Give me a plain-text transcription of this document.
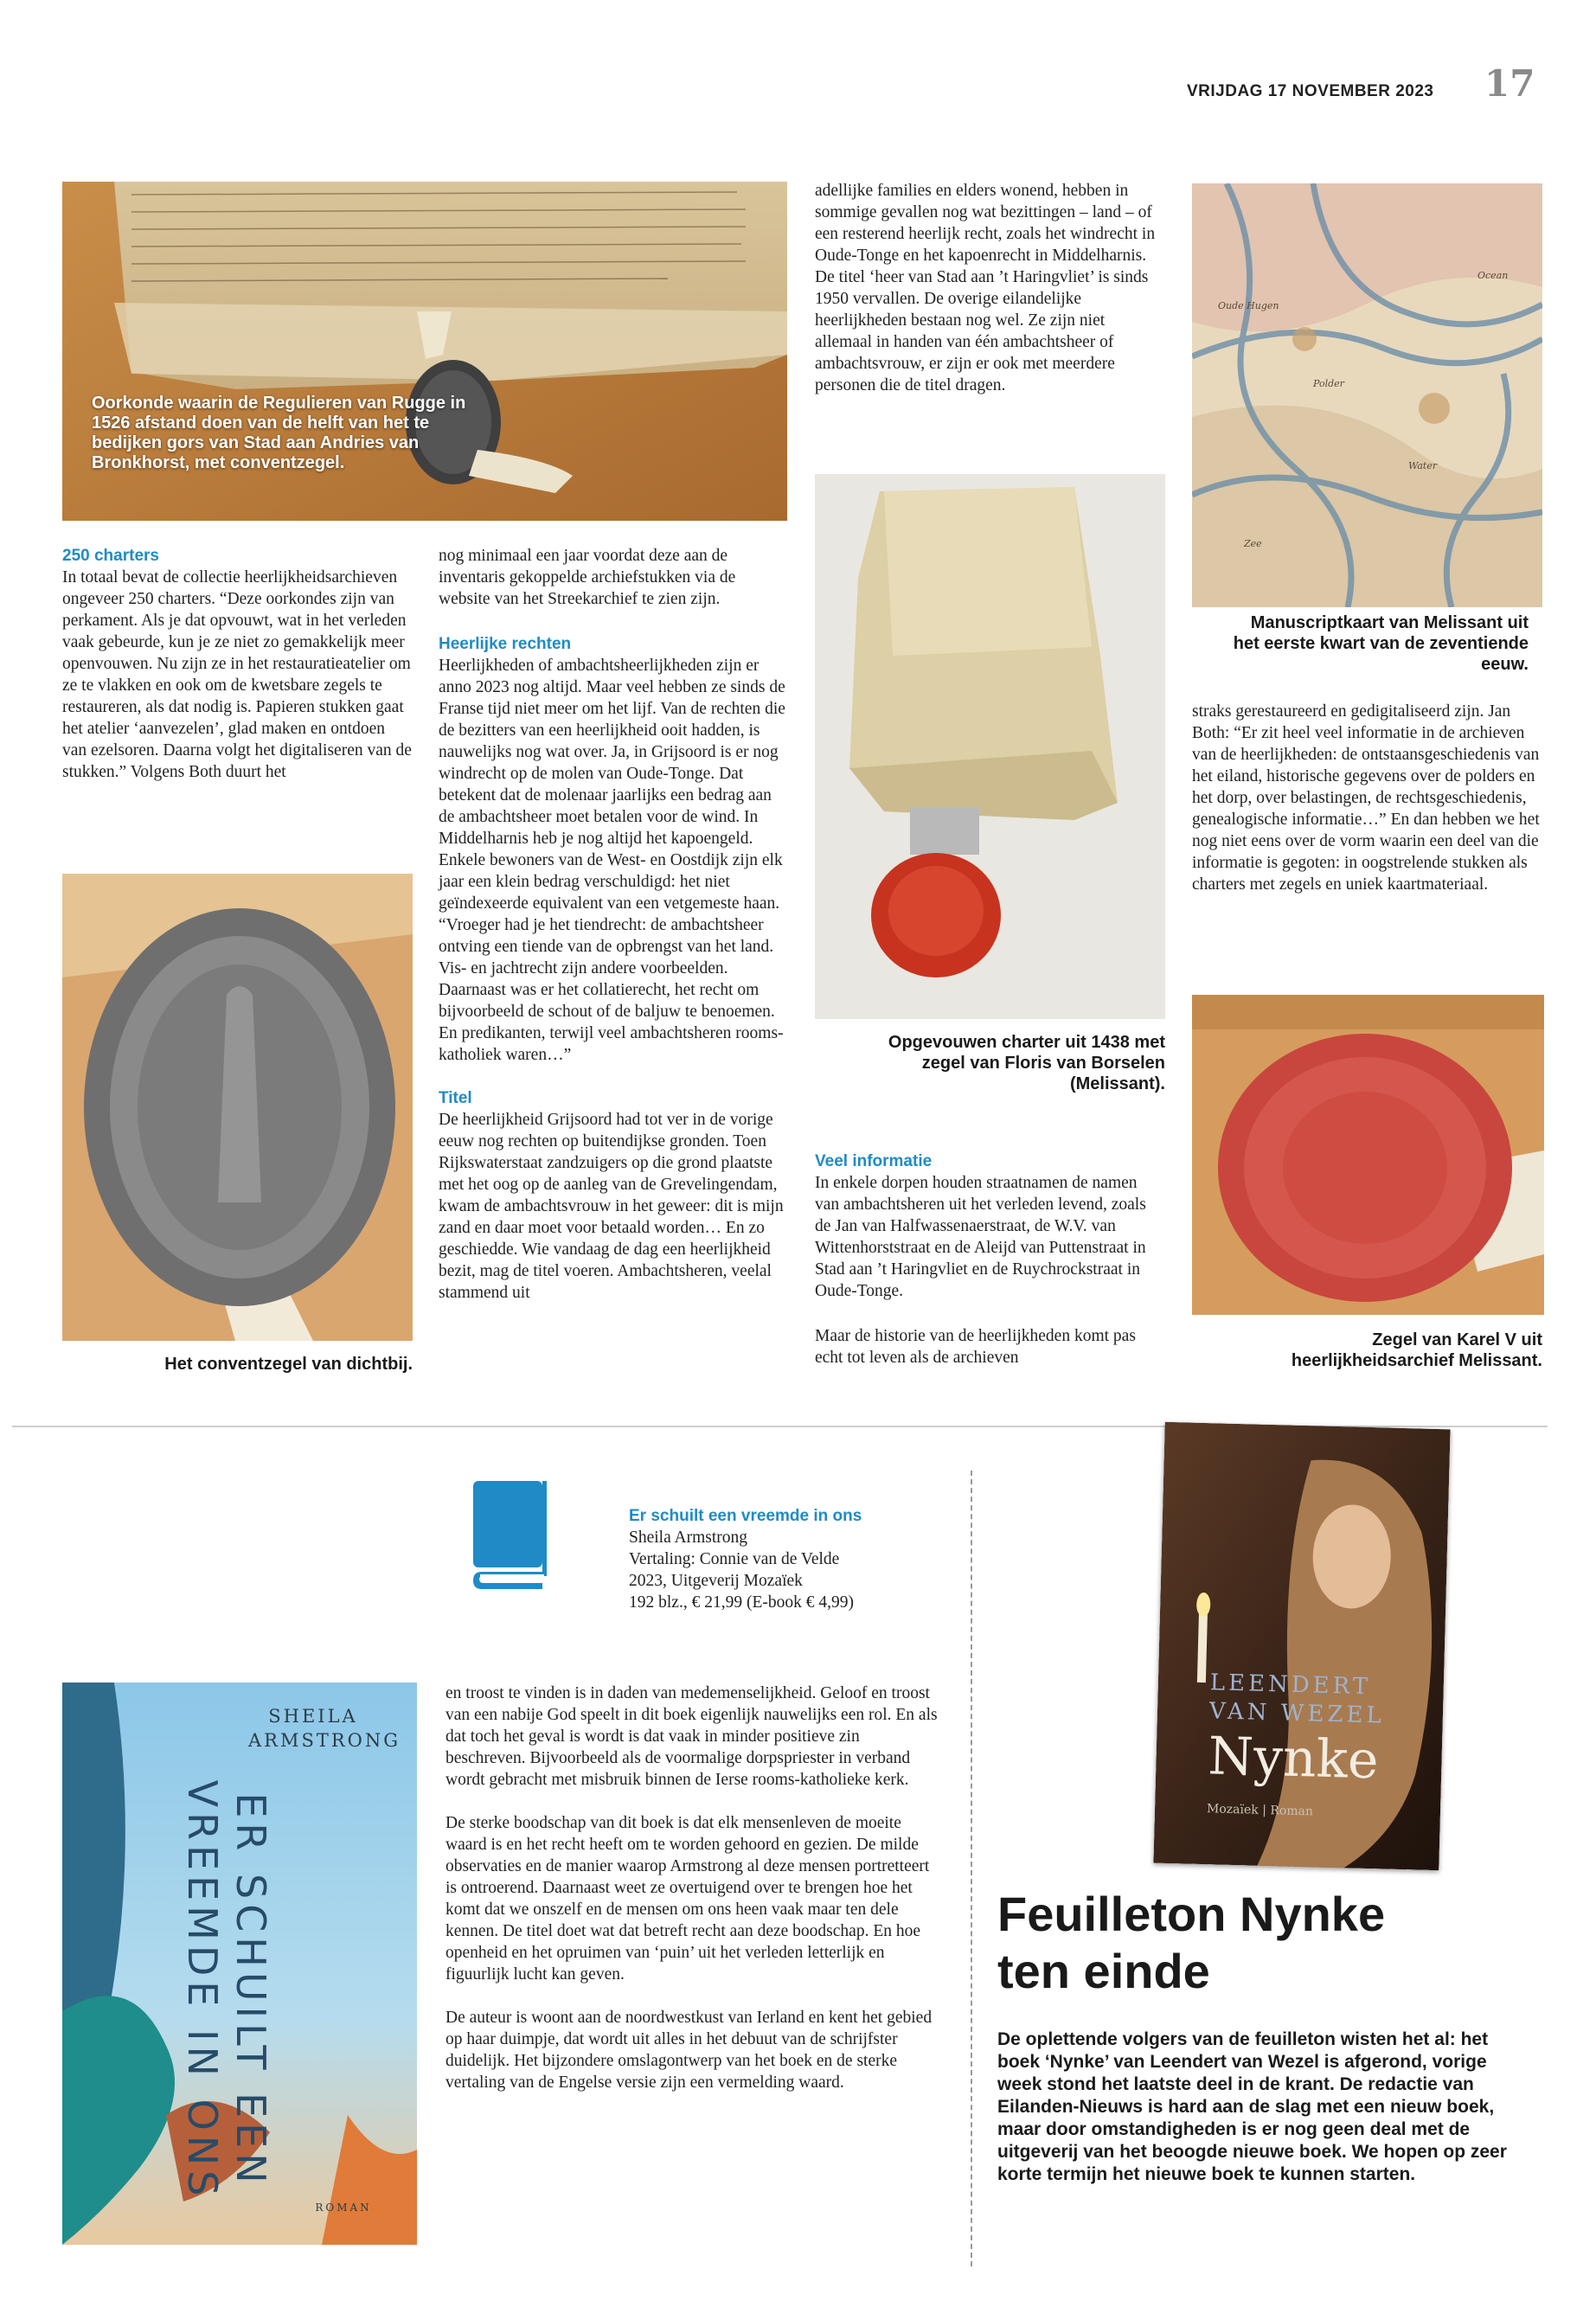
VRIJDAG 17 NOVEMBER 2023 17
Oorkonde waarin de Regulieren van Rugge in 1526 afstand doen van de helft van het te bedijken gors van Stad aan Andries van Bronkhorst, met conventzegel.
adellijke families en elders wonend, hebben in sommige gevallen nog wat bezittingen – land – of een resterend heerlijk recht, zoals het windrecht in Oude-Tonge en het kapoenrecht in Middelharnis. De titel ‘heer van Stad aan ’t Haringvliet’ is sinds 1950 vervallen. De overige eilandelijke heerlijkheden bestaan nog wel. Ze zijn niet allemaal in handen van één ambachtsheer of ambachtsvrouw, er zijn er ook met meerdere personen die de titel dragen.
Oude Hugen
Polder
Ocean
Water
Zee
Manuscriptkaart van Melissant uit het eerste kwart van de zeventiende eeuw.
250 charters
In totaal bevat de collectie heerlijkheidsarchieven ongeveer 250 charters. “Deze oorkondes zijn van perkament. Als je dat opvouwt, wat in het verleden vaak gebeurde, kun je ze niet zo gemakkelijk meer openvouwen. Nu zijn ze in het restauratieatelier om ze te vlakken en ook om de kwetsbare zegels te restaureren, als dat nodig is. Papieren stukken gaat het atelier ‘aanvezelen’, glad maken en ontdoen van ezelsoren. Daarna volgt het digitaliseren van de stukken.” Volgens Both duurt het
nog minimaal een jaar voordat deze aan de inventaris gekoppelde archiefstukken via de website van het Streekarchief te zien zijn.
Heerlijke rechten
Heerlijkheden of ambachtsheerlijkheden zijn er anno 2023 nog altijd. Maar veel hebben ze sinds de Franse tijd niet meer om het lijf. Van de rechten die de bezitters van een heerlijkheid ooit hadden, is nauwelijks nog wat over. Ja, in Grijsoord is er nog windrecht op de molen van Oude-Tonge. Dat betekent dat de molenaar jaarlijks een bedrag aan de ambachtsheer moet betalen voor de wind. In Middelharnis heb je nog altijd het kapoengeld. Enkele bewoners van de West- en Oostdijk zijn elk jaar een klein bedrag verschuldigd: het niet geïndexeerde equivalent van een vetgemeste haan. “Vroeger had je het tiendrecht: de ambachtsheer ontving een tiende van de opbrengst van het land. Vis- en jachtrecht zijn andere voorbeelden. Daarnaast was er het collatierecht, het recht om bijvoorbeeld de schout of de baljuw te benoemen. En predikanten, terwijl veel ambachtsheren rooms-katholiek waren…”
Titel
De heerlijkheid Grijsoord had tot ver in de vorige eeuw nog rechten op buitendijkse gronden. Toen Rijkswaterstaat zandzuigers op die grond plaatste met het oog op de aanleg van de Grevelingendam, kwam de ambachtsvrouw in het geweer: dit is mijn zand en daar moet voor betaald worden… En zo geschiedde. Wie vandaag de dag een heerlijkheid bezit, mag de titel voeren. Ambachtsheren, veelal stammend uit
Opgevouwen charter uit 1438 met zegel van Floris van Borselen (Melissant).
straks gerestaureerd en gedigitaliseerd zijn. Jan Both: “Er zit heel veel informatie in de archieven van de heerlijkheden: de ontstaansgeschiedenis van het eiland, historische gegevens over de polders en het dorp, over belastingen, de rechtsgeschiedenis, genealogische informatie…” En dan hebben we het nog niet eens over de vorm waarin een deel van die informatie is gegoten: in oogstrelende stukken als charters met zegels en uniek kaartmateriaal.
Zegel van Karel V uit heerlijkheidsarchief Melissant.
Het conventzegel van dichtbij.
Veel informatie
In enkele dorpen houden straatnamen de namen van ambachtsheren uit het verleden levend, zoals de Jan van Halfwassenaerstraat, de W.V. van Wittenhorststraat en de Aleijd van Puttenstraat in Stad aan ’t Haringvliet en de Ruychrockstraat in Oude-Tonge.
Maar de historie van de heerlijkheden komt pas echt tot leven als de archieven
Er schuilt een vreemde in ons
Sheila Armstrong
Vertaling: Connie van de Velde
2023, Uitgeverij Mozaïek
192 blz., € 21,99 (E-book € 4,99)
SHEILA ARMSTRONG
ER SCHUILT EEN VREEMDE IN ONS
ROMAN

en troost te vinden is in daden van medemenselijkheid. Geloof en troost van een nabije God speelt in dit boek eigenlijk nauwelijks een rol. En als dat toch het geval is wordt is dat vaak in minder positieve zin beschreven. Bijvoorbeeld als de voormalige dorpspriester in verband wordt gebracht met misbruik binnen de Ierse rooms-katholieke kerk.

De sterke boodschap van dit boek is dat elk mensenleven de moeite waard is en het recht heeft om te worden gehoord en gezien. De milde observaties en de manier waarop Armstrong al deze mensen portretteert is ontroerend. Daarnaast weet ze overtuigend over te brengen hoe het komt dat we onszelf en de mensen om ons heen vaak maar ten dele kennen. De titel doet wat dat betreft recht aan deze boodschap. En hoe openheid en het opruimen van ‘puin’ uit het verleden letterlijk en figuurlijk lucht kan geven.

De auteur is woont aan de noordwestkust van Ierland en kent het gebied op haar duimpje, dat wordt uit alles in het debuut van de schrijfster duidelijk. Het bijzondere omslagontwerp van het boek en de sterke vertaling van de Engelse versie zijn een vermelding waard.

LEENDERT
VAN WEZEL
Nynke
Mozaïek | Roman
Feuilleton Nynke
ten einde
De oplettende volgers van de feuilleton wisten het al: het boek ‘Nynke’ van Leendert van Wezel is afgerond, vorige week stond het laatste deel in de krant. De redactie van Eilanden-Nieuws is hard aan de slag met een nieuw boek, maar door omstandigheden is er nog geen deal met de uitgeverij van het beoogde nieuwe boek. We hopen op zeer korte termijn het nieuwe boek te kunnen starten.
